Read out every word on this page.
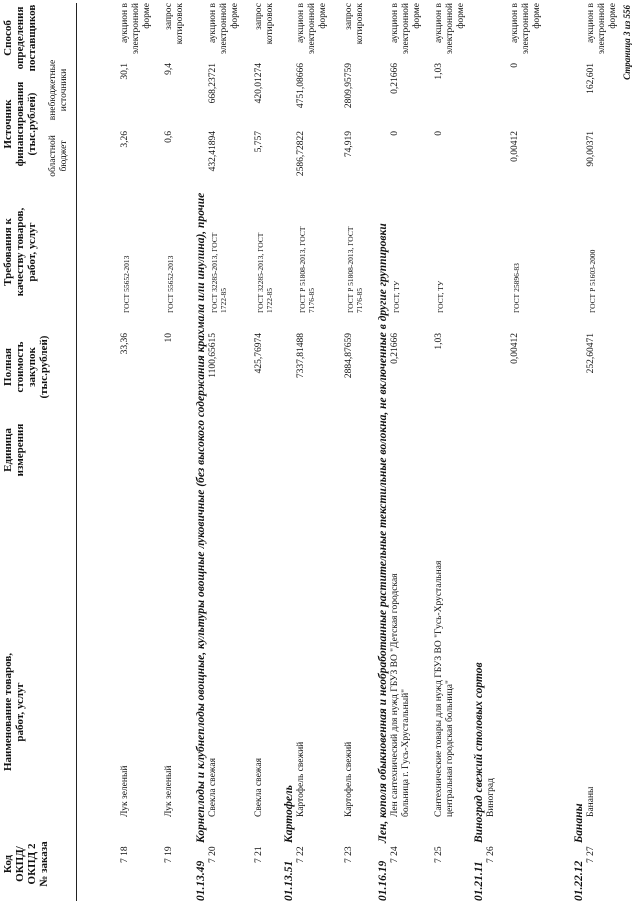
Код
ОКПД/
ОКПД 2
№ заказа
Наименование товаров,
работ, услуг
Единица
измерения
Полная
стоимость
закупок
(тыс.рублей)
Требования к
качеству товаров,
работ, услуг
Источник
финансирования
(тыс.рублей)
областной
бюджет
внебюджетные
источники
Способ
определения
поставщиков
7 18
Лук зеленый
33,36
ГОСТ 55652-2013
3,26
30,1
аукцион в
электронной
форме
7 19
Лук зеленый
10
ГОСТ 55652-2013
0,6
9,4
запрос
котировок
01.13.49
Корнеплоды и клубнеплоды овощные, культуры овощные луковичные (без высокого содержания крахмала или инулина), прочие
7 20
Свекла свежая
1100,65615
ГОСТ 32285-2013, ГОСТ
1722-85
432,41894
668,23721
аукцион в
электронной
форме
7 21
Свекла свежая
425,76974
ГОСТ 32285-2013, ГОСТ
1722-85
5,757
420,01274
запрос
котировок
01.13.51
Картофель
7 22
Картофель свежий
7337,81488
ГОСТ Р 51808-2013, ГОСТ
7176-85
2586,72822
4751,08666
аукцион в
электронной
форме
7 23
Картофель свежий
2884,87659
ГОСТ Р 51808-2013, ГОСТ
7176-85
74,919
2809,95759
запрос
котировок
01.16.19
Лен, кополя обыкновенная и необработанные растительные текстильные волокна, не включенные в другие группировки
7 24
Лен сантехнический для нужд ГБУЗ ВО "Детская городская
больница г. Гусь-Хрустальный"
0,21666
ГОСТ, ТУ
0
0,21666
аукцион в
электронной
форме
7 25
Сантехнические товары для нужд ГБУЗ ВО "Гусь-Хрустальная
центральная городская больница"
1,03
ГОСТ, ТУ
0
1,03
аукцион в
электронной
форме
01.21.11
Виноград свежий столовых сортов
7 26
Виноград
0,00412
ГОСТ 25896-83
0,00412
0
аукцион в
электронной
форме
01.22.12
Бананы
7 27
Бананы
252,60471
ГОСТ Р 51603-2000
90,00371
162,601
аукцион в
электронной
форме Страница 3 из 556
